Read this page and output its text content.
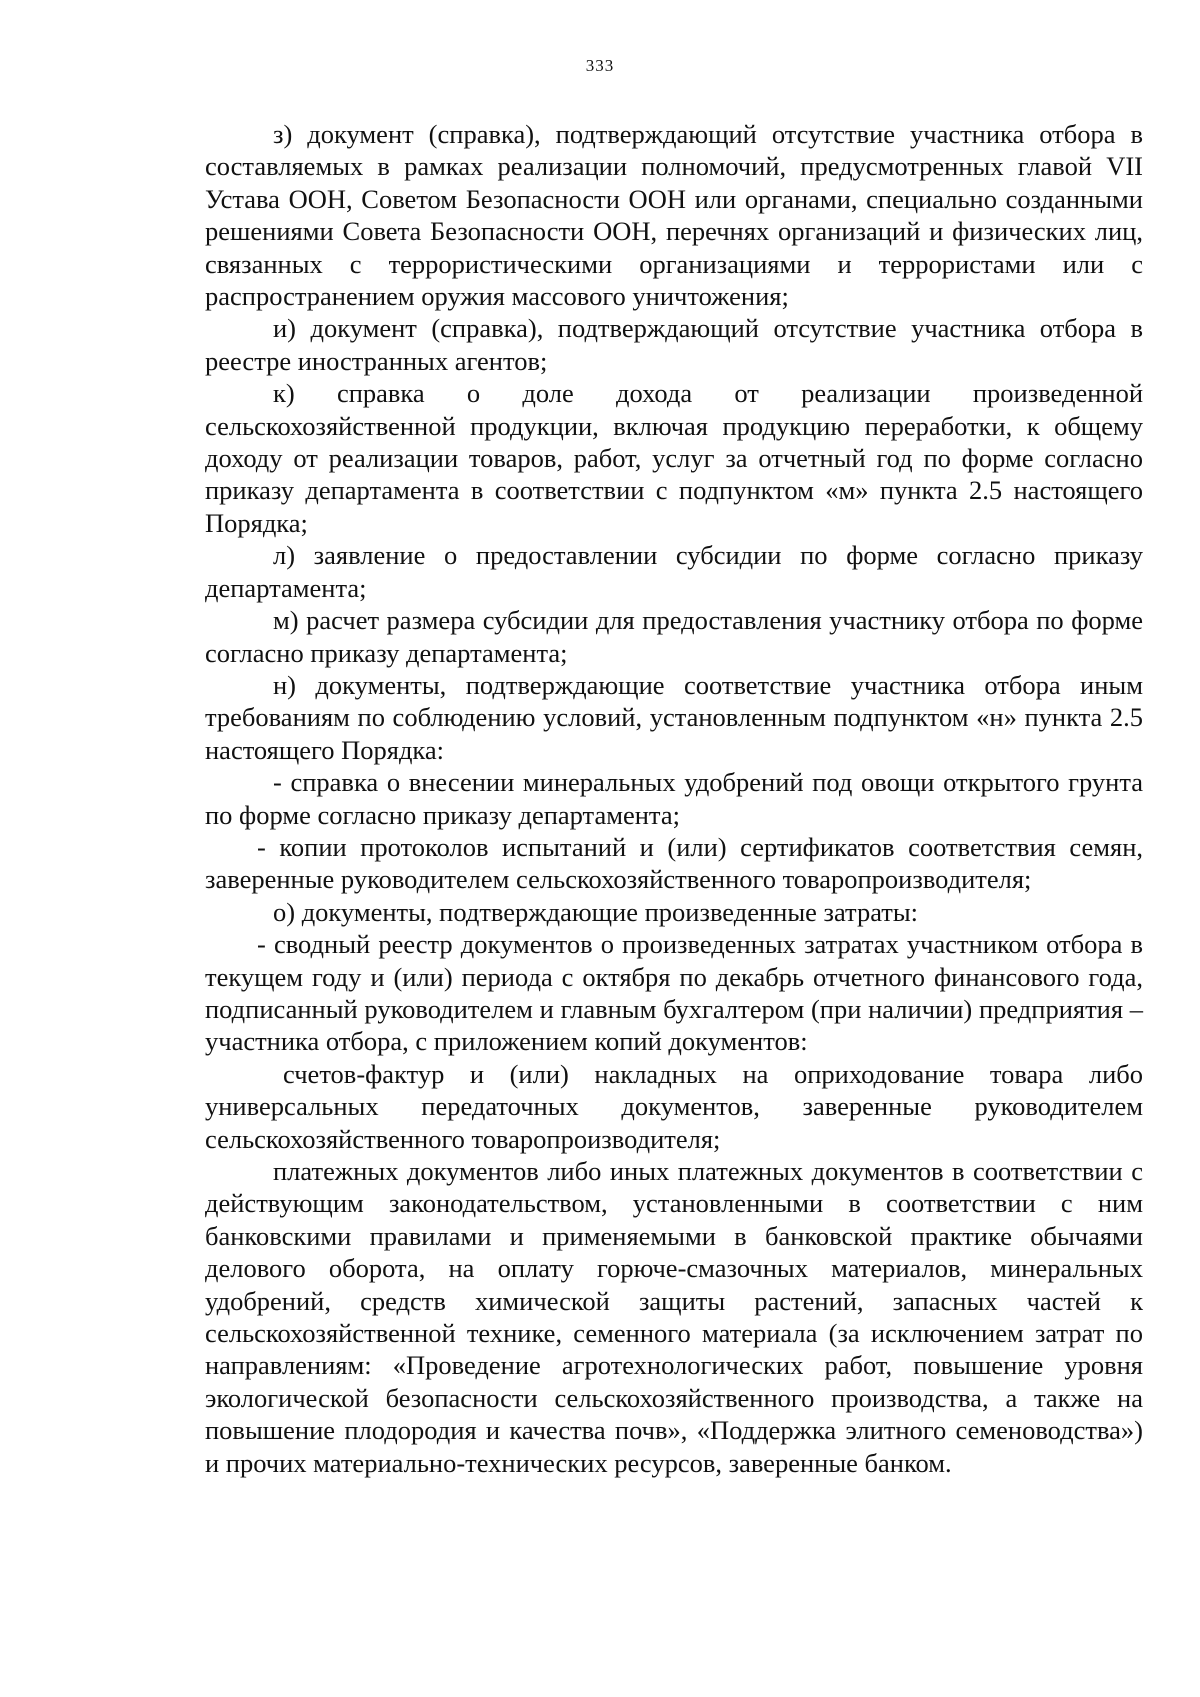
333

з) документ (справка), подтверждающий отсутствие участника отбора в составляемых в рамках реализации полномочий, предусмотренных главой VII Устава ООН, Советом Безопасности ООН или органами, специально созданными решениями Совета Безопасности ООН, перечнях организаций и физических лиц, связанных с террористическими организациями и террористами или с распространением оружия массового уничтожения;

и) документ (справка), подтверждающий отсутствие участника отбора в реестре иностранных агентов;

к) справка о доле дохода от реализации произведенной сельскохозяйственной продукции, включая продукцию переработки, к общему доходу от реализации товаров, работ, услуг за отчетный год по форме согласно приказу департамента в соответствии с подпунктом «м» пункта 2.5 настоящего Порядка;

л) заявление о предоставлении субсидии по форме согласно приказу департамента;

м) расчет размера субсидии для предоставления участнику отбора по форме согласно приказу департамента;

н) документы, подтверждающие соответствие участника отбора иным требованиям по соблюдению условий, установленным подпунктом «н» пункта 2.5 настоящего Порядка:

- справка о внесении минеральных удобрений под овощи открытого грунта по форме согласно приказу департамента;

- копии протоколов испытаний и (или) сертификатов соответствия семян, заверенные руководителем сельскохозяйственного товаропроизводителя;

о) документы, подтверждающие произведенные затраты:

- сводный реестр документов о произведенных затратах участником отбора в текущем году и (или) периода с октября по декабрь отчетного финансового года, подписанный руководителем и главным бухгалтером (при наличии) предприятия – участника отбора, с приложением копий документов:

счетов-фактур и (или) накладных на оприходование товара либо универсальных передаточных документов, заверенные руководителем сельскохозяйственного товаропроизводителя;

платежных документов либо иных платежных документов в соответствии с действующим законодательством, установленными в соответствии с ним банковскими правилами и применяемыми в банковской практике обычаями делового оборота, на оплату горюче-смазочных материалов, минеральных удобрений, средств химической защиты растений, запасных частей к сельскохозяйственной технике, семенного материала (за исключением затрат по направлениям: «Проведение агротехнологических работ, повышение уровня экологической безопасности сельскохозяйственного производства, а также на повышение плодородия и качества почв», «Поддержка элитного семеноводства») и прочих материально-технических ресурсов, заверенные банком.
